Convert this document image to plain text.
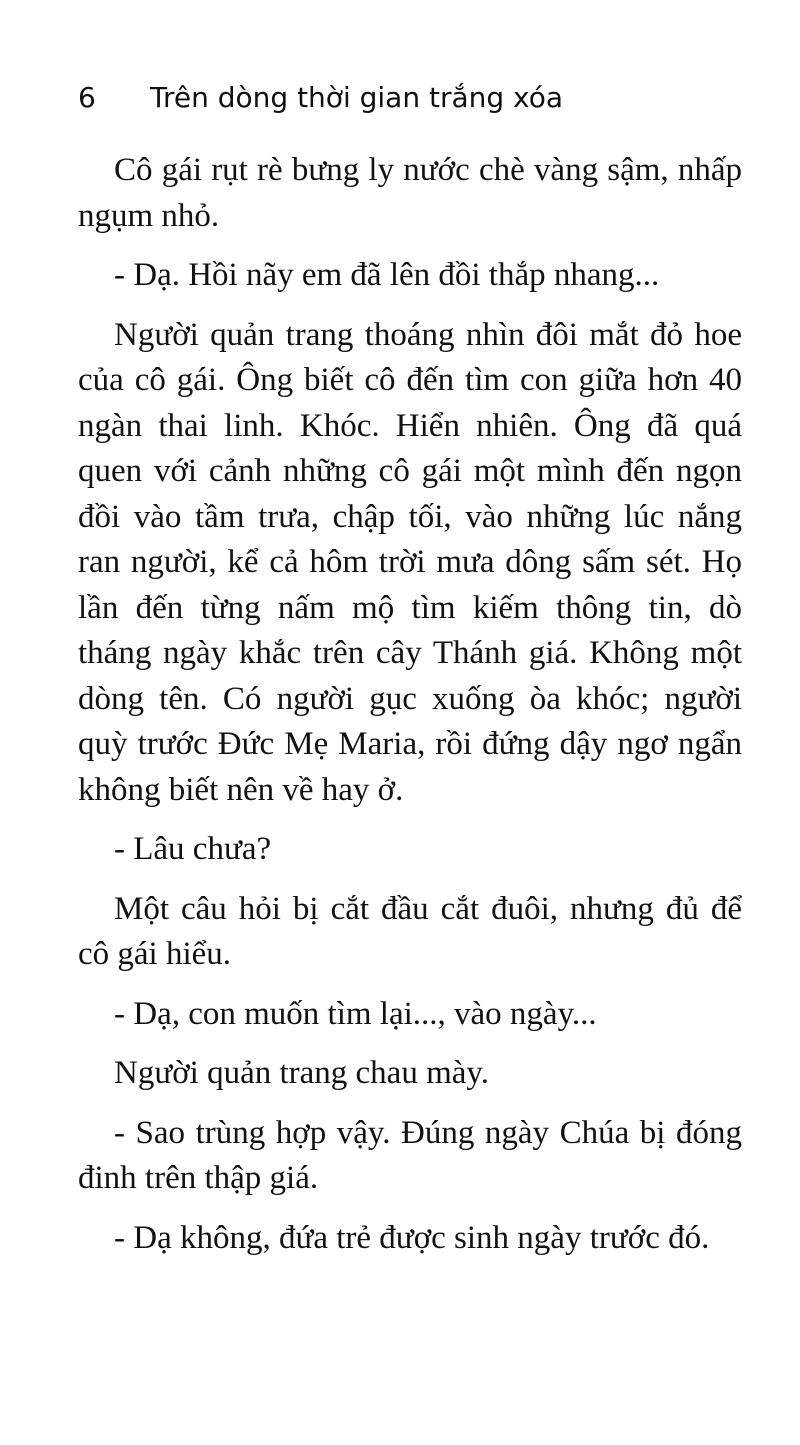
6 Trên dòng thời gian trắng xóa

Cô gái rụt rè bưng ly nước chè vàng sậm, nhấp ngụm nhỏ.

- Dạ. Hồi nãy em đã lên đồi thắp nhang...

Người quản trang thoáng nhìn đôi mắt đỏ hoe của cô gái. Ông biết cô đến tìm con giữa hơn 40 ngàn thai linh. Khóc. Hiển nhiên. Ông đã quá quen với cảnh những cô gái một mình đến ngọn đồi vào tầm trưa, chập tối, vào những lúc nắng ran người, kể cả hôm trời mưa dông sấm sét. Họ lần đến từng nấm mộ tìm kiếm thông tin, dò tháng ngày khắc trên cây Thánh giá. Không một dòng tên. Có người gục xuống òa khóc; người quỳ trước Đức Mẹ Maria, rồi đứng dậy ngơ ngẩn không biết nên về hay ở.

- Lâu chưa?

Một câu hỏi bị cắt đầu cắt đuôi, nhưng đủ để cô gái hiểu.

- Dạ, con muốn tìm lại..., vào ngày...

Người quản trang chau mày.

- Sao trùng hợp vậy. Đúng ngày Chúa bị đóng đinh trên thập giá.

- Dạ không, đứa trẻ được sinh ngày trước đó.
